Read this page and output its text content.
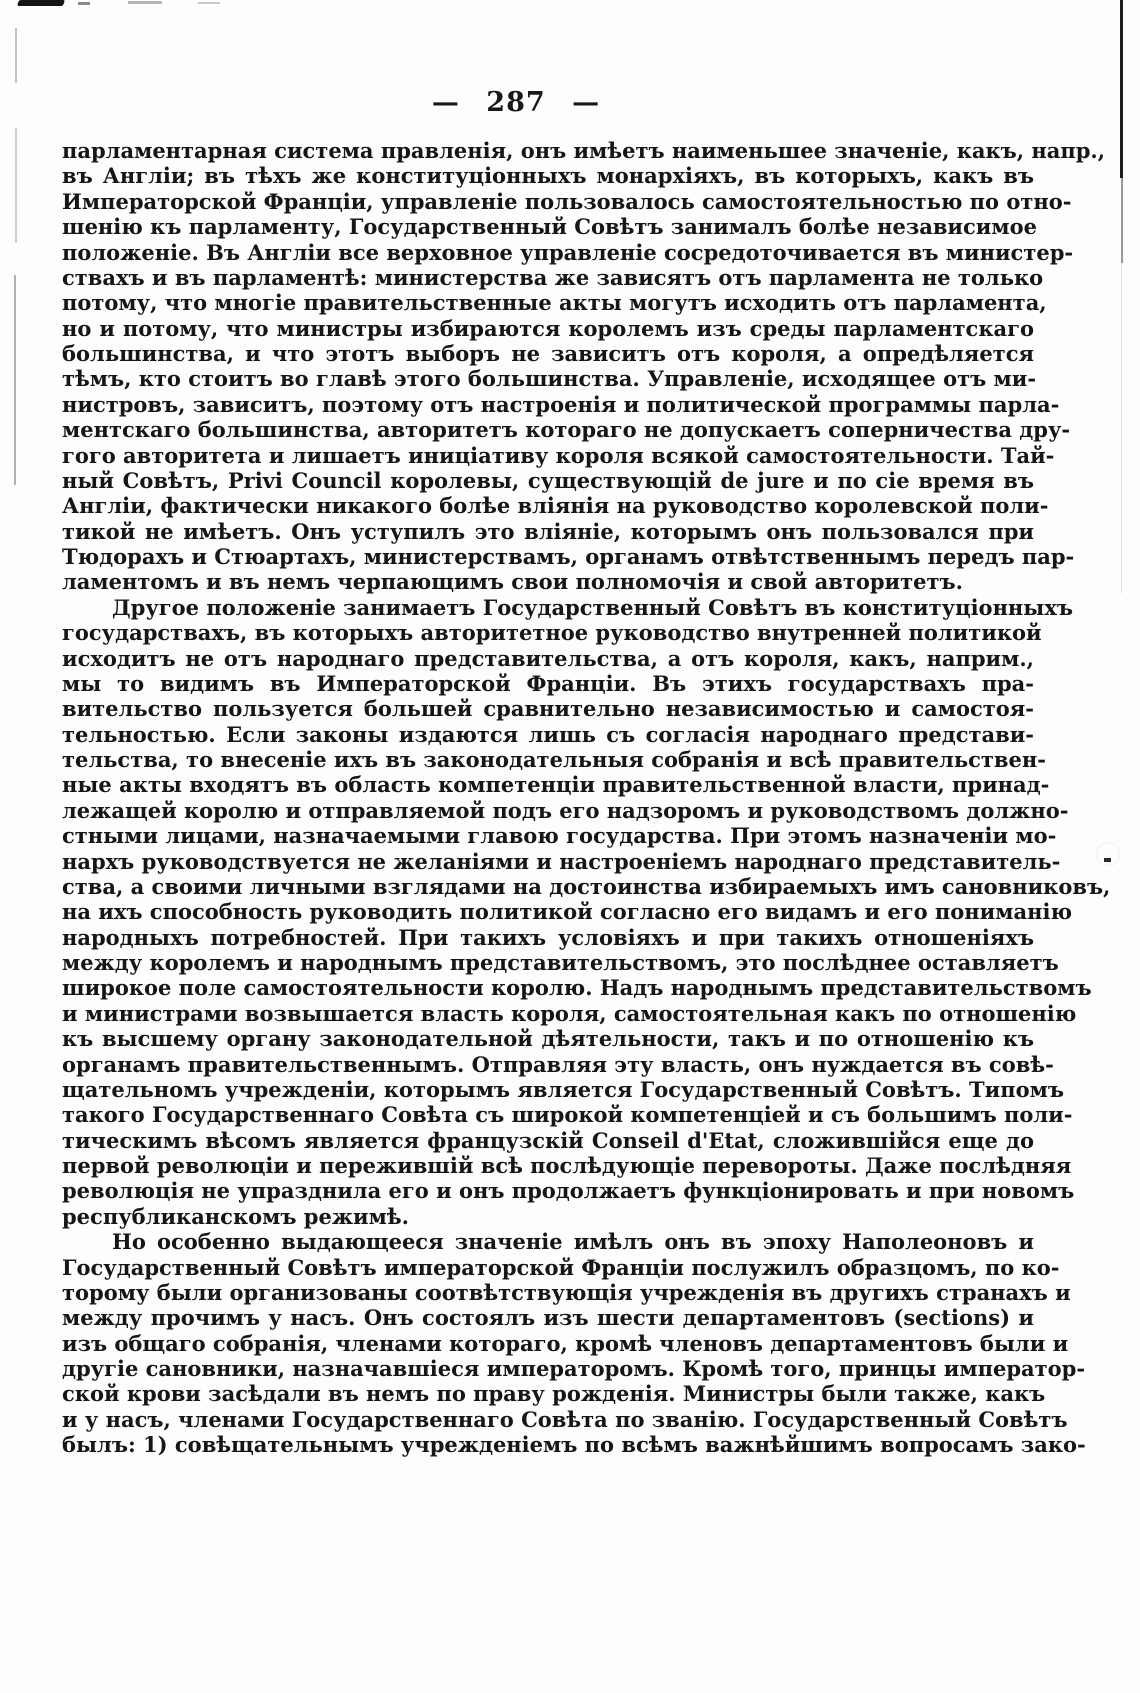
— 287 —
парламентарная система правленія, онъ имѣетъ наименьшее значеніе, какъ, напр.,
въ Англіи; въ тѣхъ же конституціонныхъ монархіяхъ, въ которыхъ, какъ въ
Императорской Франціи, управленіе пользовалось самостоятельностью по отно-
шенію къ парламенту, Государственный Совѣтъ занималъ болѣе независимое
положеніе. Въ Англіи все верховное управленіе сосредоточивается въ министер-
ствахъ и въ парламентѣ: министерства же зависятъ отъ парламента не только
потому, что многіе правительственные акты могутъ исходить отъ парламента,
но и потому, что министры избираются королемъ изъ среды парламентскаго
большинства, и что этотъ выборъ не зависитъ отъ короля, а опредѣляется
тѣмъ, кто стоитъ во главѣ этого большинства. Управленіе, исходящее отъ ми-
нистровъ, зависитъ, поэтому отъ настроенія и политической программы парла-
ментскаго большинства, авторитетъ котораго не допускаетъ соперничества дру-
гого авторитета и лишаетъ иниціативу короля всякой самостоятельности. Тай-
ный Совѣтъ, Privi Council королевы, существующій de jure и по сіе время въ
Англіи, фактически никакого болѣе вліянія на руководство королевской поли-
тикой не имѣетъ. Онъ уступилъ это вліяніе, которымъ онъ пользовался при
Тюдорахъ и Стюартахъ, министерствамъ, органамъ отвѣтственнымъ передъ пар-
ламентомъ и въ немъ черпающимъ свои полномочія и свой авторитетъ.
Другое положеніе занимаетъ Государственный Совѣтъ въ конституціонныхъ
государствахъ, въ которыхъ авторитетное руководство внутренней политикой
исходитъ не отъ народнаго представительства, а отъ короля, какъ, наприм.,
мы то видимъ въ Императорской Франціи. Въ этихъ государствахъ пра-
вительство пользуется большей сравнительно независимостью и самостоя-
тельностью. Если законы издаются лишь съ согласія народнаго представи-
тельства, то внесеніе ихъ въ законодательныя собранія и всѣ правительствен-
ные акты входятъ въ область компетенціи правительственной власти, принад-
лежащей королю и отправляемой подъ его надзоромъ и руководствомъ должно-
стными лицами, назначаемыми главою государства. При этомъ назначеніи мо-
нархъ руководствуется не желаніями и настроеніемъ народнаго представитель-
ства, а своими личными взглядами на достоинства избираемыхъ имъ сановниковъ,
на ихъ способность руководить политикой согласно его видамъ и его пониманію
народныхъ потребностей. При такихъ условіяхъ и при такихъ отношеніяхъ
между королемъ и народнымъ представительствомъ, это послѣднее оставляетъ
широкое поле самостоятельности королю. Надъ народнымъ представительствомъ
и министрами возвышается власть короля, самостоятельная какъ по отношенію
къ высшему органу законодательной дѣятельности, такъ и по отношенію къ
органамъ правительственнымъ. Отправляя эту власть, онъ нуждается въ совѣ-
щательномъ учрежденіи, которымъ является Государственный Совѣтъ. Типомъ
такого Государственнаго Совѣта съ широкой компетенціей и съ большимъ поли-
тическимъ вѣсомъ является французскій Conseil d'Etat, сложившійся еще до
первой революціи и пережившій всѣ послѣдующіе перевороты. Даже послѣдняя
революція не упразднила его и онъ продолжаетъ функціонировать и при новомъ
республиканскомъ режимѣ.
Но особенно выдающееся значеніе имѣлъ онъ въ эпоху Наполеоновъ и
Государственный Совѣтъ императорской Франціи послужилъ образцомъ, по ко-
торому были организованы соотвѣтствующія учрежденія въ другихъ странахъ и
между прочимъ у насъ. Онъ состоялъ изъ шести департаментовъ (sections) и
изъ общаго собранія, членами котораго, кромѣ членовъ департаментовъ были и
другіе сановники, назначавшіеся императоромъ. Кромѣ того, принцы император-
ской крови засѣдали въ немъ по праву рожденія. Министры были также, какъ
и у насъ, членами Государственнаго Совѣта по званію. Государственный Совѣтъ
былъ: 1) совѣщательнымъ учрежденіемъ по всѣмъ важнѣйшимъ вопросамъ зако-
